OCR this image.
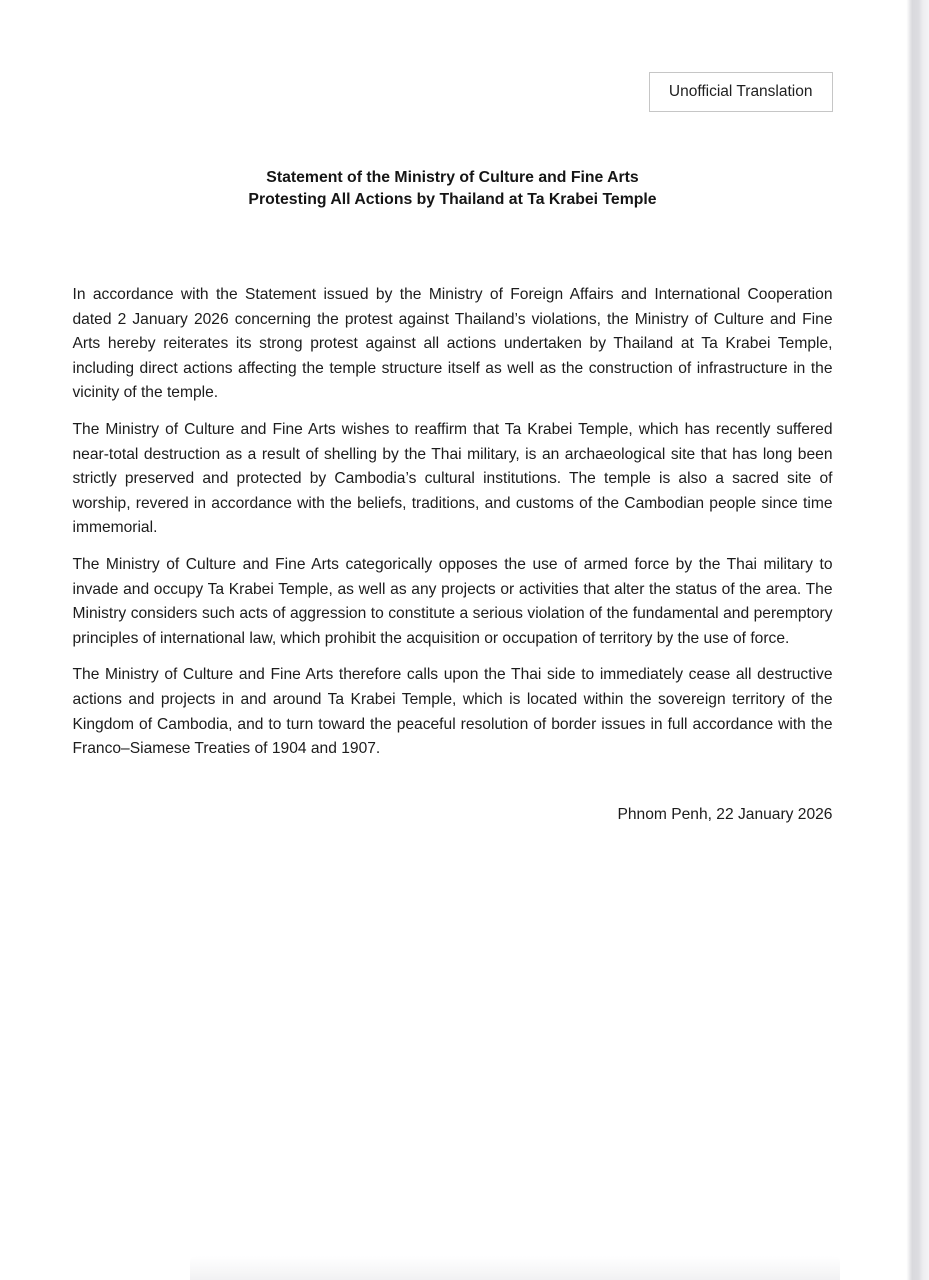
Unofficial Translation
Statement of the Ministry of Culture and Fine Arts
Protesting All Actions by Thailand at Ta Krabei Temple

In accordance with the Statement issued by the Ministry of Foreign Affairs and International Cooperation dated 2 January 2026 concerning the protest against Thailand’s violations, the Ministry of Culture and Fine Arts hereby reiterates its strong protest against all actions undertaken by Thailand at Ta Krabei Temple, including direct actions affecting the temple structure itself as well as the construction of infrastructure in the vicinity of the temple.

The Ministry of Culture and Fine Arts wishes to reaffirm that Ta Krabei Temple, which has recently suffered near-total destruction as a result of shelling by the Thai military, is an archaeological site that has long been strictly preserved and protected by Cambodia’s cultural institutions. The temple is also a sacred site of worship, revered in accordance with the beliefs, traditions, and customs of the Cambodian people since time immemorial.

The Ministry of Culture and Fine Arts categorically opposes the use of armed force by the Thai military to invade and occupy Ta Krabei Temple, as well as any projects or activities that alter the status of the area. The Ministry considers such acts of aggression to constitute a serious violation of the fundamental and peremptory principles of international law, which prohibit the acquisition or occupation of territory by the use of force.

The Ministry of Culture and Fine Arts therefore calls upon the Thai side to immediately cease all destructive actions and projects in and around Ta Krabei Temple, which is located within the sovereign territory of the Kingdom of Cambodia, and to turn toward the peaceful resolution of border issues in full accordance with the Franco–Siamese Treaties of 1904 and 1907.

Phnom Penh, 22 January 2026
